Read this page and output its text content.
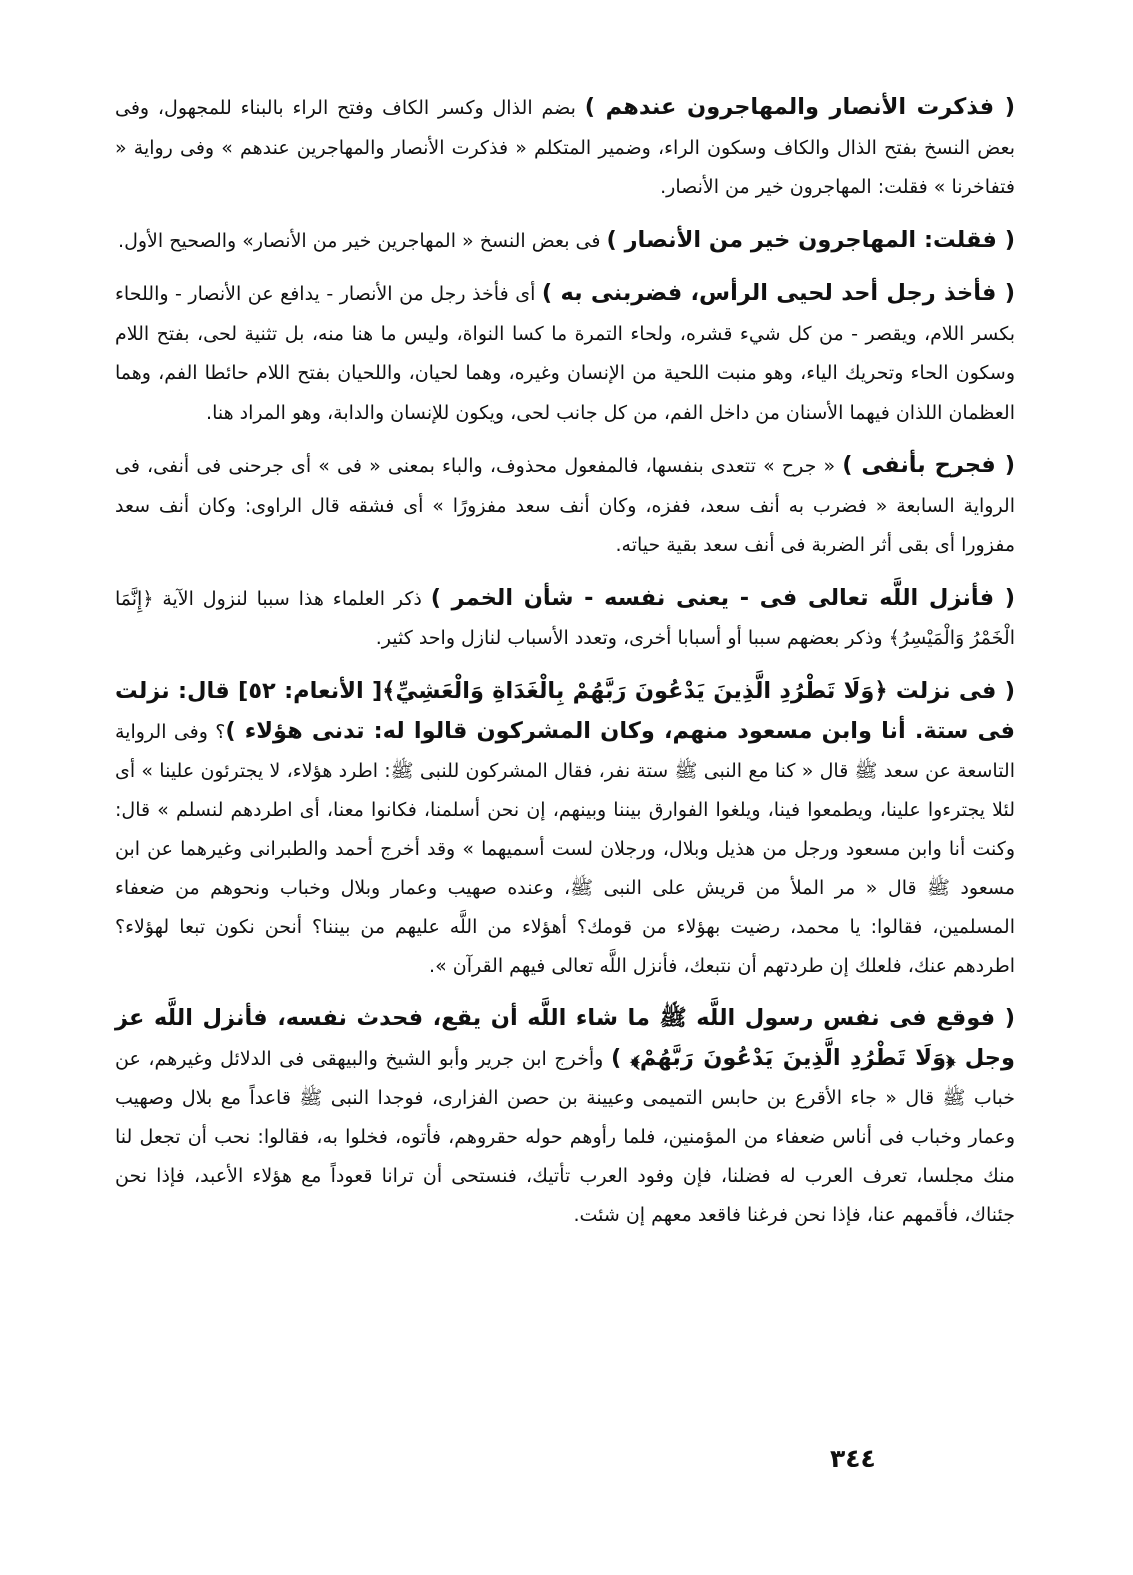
( فذكرت الأنصار والمهاجرون عندهم ) بضم الذال وكسر الكاف وفتح الراء بالبناء للمجهول، وفى بعض النسخ بفتح الذال والكاف وسكون الراء، وضمير المتكلم « فذكرت الأنصار والمهاجرين عندهم » وفى رواية « فتفاخرنا » فقلت: المهاجرون خير من الأنصار.

( فقلت: المهاجرون خير من الأنصار ) فى بعض النسخ « المهاجرين خير من الأنصار» والصحيح الأول.

( فأخذ رجل أحد لحيى الرأس، فضربنى به ) أى فأخذ رجل من الأنصار - يدافع عن الأنصار - واللحاء بكسر اللام، ويقصر - من كل شيء قشره، ولحاء التمرة ما كسا النواة، وليس ما هنا منه، بل تثنية لحى، بفتح اللام وسكون الحاء وتحريك الياء، وهو منبت اللحية من الإنسان وغيره، وهما لحيان، واللحيان بفتح اللام حائطا الفم، وهما العظمان اللذان فيهما الأسنان من داخل الفم، من كل جانب لحى، ويكون للإنسان والدابة، وهو المراد هنا.

( فجرح بأنفى ) « جرح » تتعدى بنفسها، فالمفعول محذوف، والباء بمعنى « فى » أى جرحنى فى أنفى، فى الرواية السابعة « فضرب به أنف سعد، ففزه، وكان أنف سعد مفزورًا » أى فشقه قال الراوى: وكان أنف سعد مفزورا أى بقى أثر الضربة فى أنف سعد بقية حياته.

( فأنزل اللَّه تعالى فى - يعنى نفسه - شأن الخمر ) ذكر العلماء هذا سببا لنزول الآية ﴿إِنَّمَا الْخَمْرُ وَالْمَيْسِرُ﴾ وذكر بعضهم سببا أو أسبابا أخرى، وتعدد الأسباب لنازل واحد كثير.

( فى نزلت ﴿وَلَا تَطْرُدِ الَّذِينَ يَدْعُونَ رَبَّهُمْ بِالْغَدَاةِ وَالْعَشِيِّ﴾[ الأنعام: ٥٢] قال: نزلت فى ستة. أنا وابن مسعود منهم، وكان المشركون قالوا له: تدنى هؤلاء )؟ وفى الرواية التاسعة عن سعد ﷺ قال « كنا مع النبى ﷺ ستة نفر، فقال المشركون للنبى ﷺ: اطرد هؤلاء، لا يجترئون علينا » أى لئلا يجترءوا علينا، ويطمعوا فينا، ويلغوا الفوارق بيننا وبينهم، إن نحن أسلمنا، فكانوا معنا، أى اطردهم لنسلم » قال: وكنت أنا وابن مسعود ورجل من هذيل وبلال، ورجلان لست أسميهما » وقد أخرج أحمد والطبرانى وغيرهما عن ابن مسعود ﷺ قال « مر الملأ من قريش على النبى ﷺ، وعنده صهيب وعمار وبلال وخباب ونحوهم من ضعفاء المسلمين، فقالوا: يا محمد، رضيت بهؤلاء من قومك؟ أهؤلاء من اللَّه عليهم من بيننا؟ أنحن نكون تبعا لهؤلاء؟ اطردهم عنك، فلعلك إن طردتهم أن نتبعك، فأنزل اللَّه تعالى فيهم القرآن ».

( فوقع فى نفس رسول اللَّه ﷺ ما شاء اللَّه أن يقع، فحدث نفسه، فأنزل اللَّه عز وجل ﴿وَلَا تَطْرُدِ الَّذِينَ يَدْعُونَ رَبَّهُمْ﴾ ) وأخرج ابن جرير وأبو الشيخ والبيهقى فى الدلائل وغيرهم، عن خباب ﷺ قال « جاء الأقرع بن حابس التميمى وعيينة بن حصن الفزارى، فوجدا النبى ﷺ قاعداً مع بلال وصهيب وعمار وخباب فى أناس ضعفاء من المؤمنين، فلما رأوهم حوله حقروهم، فأتوه، فخلوا به، فقالوا: نحب أن تجعل لنا منك مجلسا، تعرف العرب له فضلنا، فإن وفود العرب تأتيك، فنستحى أن ترانا قعوداً مع هؤلاء الأعبد، فإذا نحن جئناك، فأقمهم عنا، فإذا نحن فرغنا فاقعد معهم إن شئت.

٣٤٤
